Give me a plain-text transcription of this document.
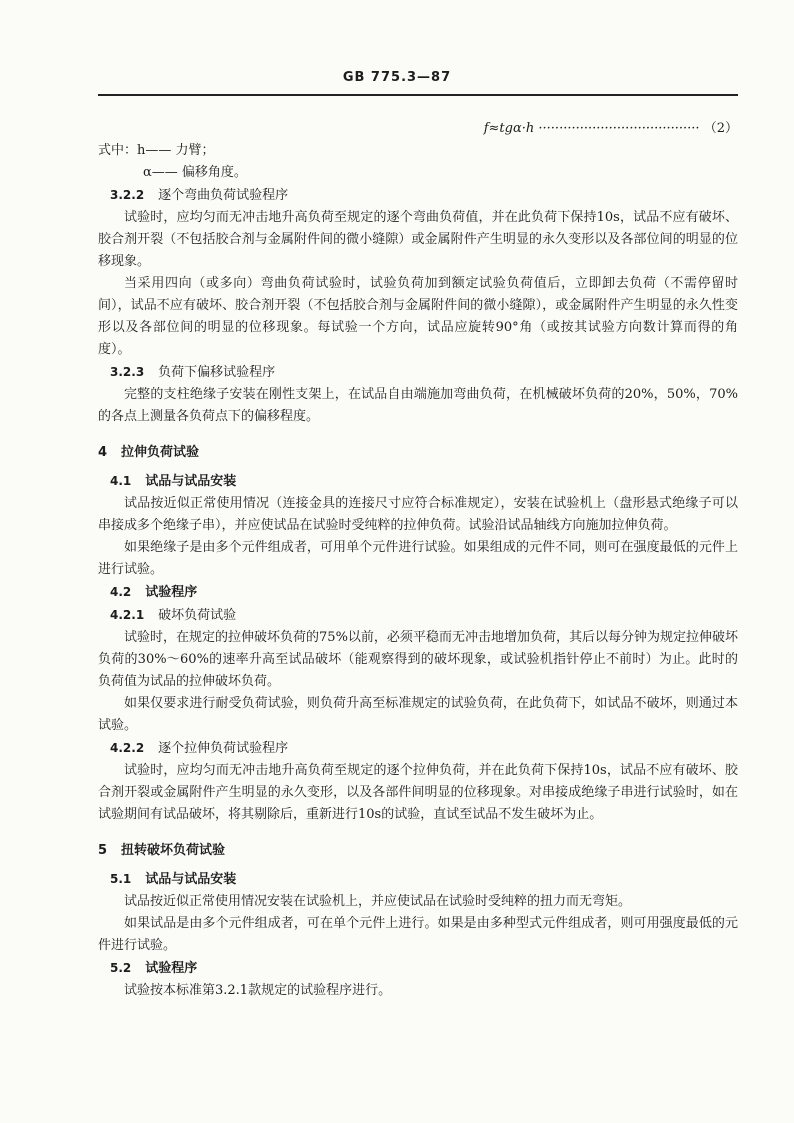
GB 775.3—87
f≈tgα·h ······································· （2）

式中：h—— 力臂；

α—— 偏移角度。

3.2.2 逐个弯曲负荷试验程序

试验时，应均匀而无冲击地升高负荷至规定的逐个弯曲负荷值，并在此负荷下保持10s，试品不应有破坏、胶合剂开裂（不包括胶合剂与金属附件间的微小缝隙）或金属附件产生明显的永久变形以及各部位间的明显的位移现象。

当采用四向（或多向）弯曲负荷试验时，试验负荷加到额定试验负荷值后，立即卸去负荷（不需停留时间），试品不应有破坏、胶合剂开裂（不包括胶合剂与金属附件间的微小缝隙），或金属附件产生明显的永久性变形以及各部位间的明显的位移现象。每试验一个方向，试品应旋转90°角（或按其试验方向数计算而得的角度）。

3.2.3 负荷下偏移试验程序

完整的支柱绝缘子安装在刚性支架上，在试品自由端施加弯曲负荷，在机械破坏负荷的20%，50%，70%的各点上测量各负荷点下的偏移程度。

4 拉伸负荷试验

4.1 试品与试品安装

试品按近似正常使用情况（连接金具的连接尺寸应符合标准规定），安装在试验机上（盘形悬式绝缘子可以串接成多个绝缘子串），并应使试品在试验时受纯粹的拉伸负荷。试验沿试品轴线方向施加拉伸负荷。

如果绝缘子是由多个元件组成者，可用单个元件进行试验。如果组成的元件不同，则可在强度最低的元件上进行试验。

4.2 试验程序

4.2.1 破坏负荷试验

试验时，在规定的拉伸破坏负荷的75%以前，必须平稳而无冲击地增加负荷，其后以每分钟为规定拉伸破坏负荷的30%～60%的速率升高至试品破坏（能观察得到的破坏现象，或试验机指针停止不前时）为止。此时的负荷值为试品的拉伸破坏负荷。

如果仅要求进行耐受负荷试验，则负荷升高至标准规定的试验负荷，在此负荷下，如试品不破坏，则通过本试验。

4.2.2 逐个拉伸负荷试验程序

试验时，应均匀而无冲击地升高负荷至规定的逐个拉伸负荷，并在此负荷下保持10s，试品不应有破坏、胶合剂开裂或金属附件产生明显的永久变形，以及各部件间明显的位移现象。对串接成绝缘子串进行试验时，如在试验期间有试品破坏，将其剔除后，重新进行10s的试验，直试至试品不发生破坏为止。

5 扭转破坏负荷试验

5.1 试品与试品安装

试品按近似正常使用情况安装在试验机上，并应使试品在试验时受纯粹的扭力而无弯矩。

如果试品是由多个元件组成者，可在单个元件上进行。如果是由多种型式元件组成者，则可用强度最低的元件进行试验。

5.2 试验程序

试验按本标准第3.2.1款规定的试验程序进行。
